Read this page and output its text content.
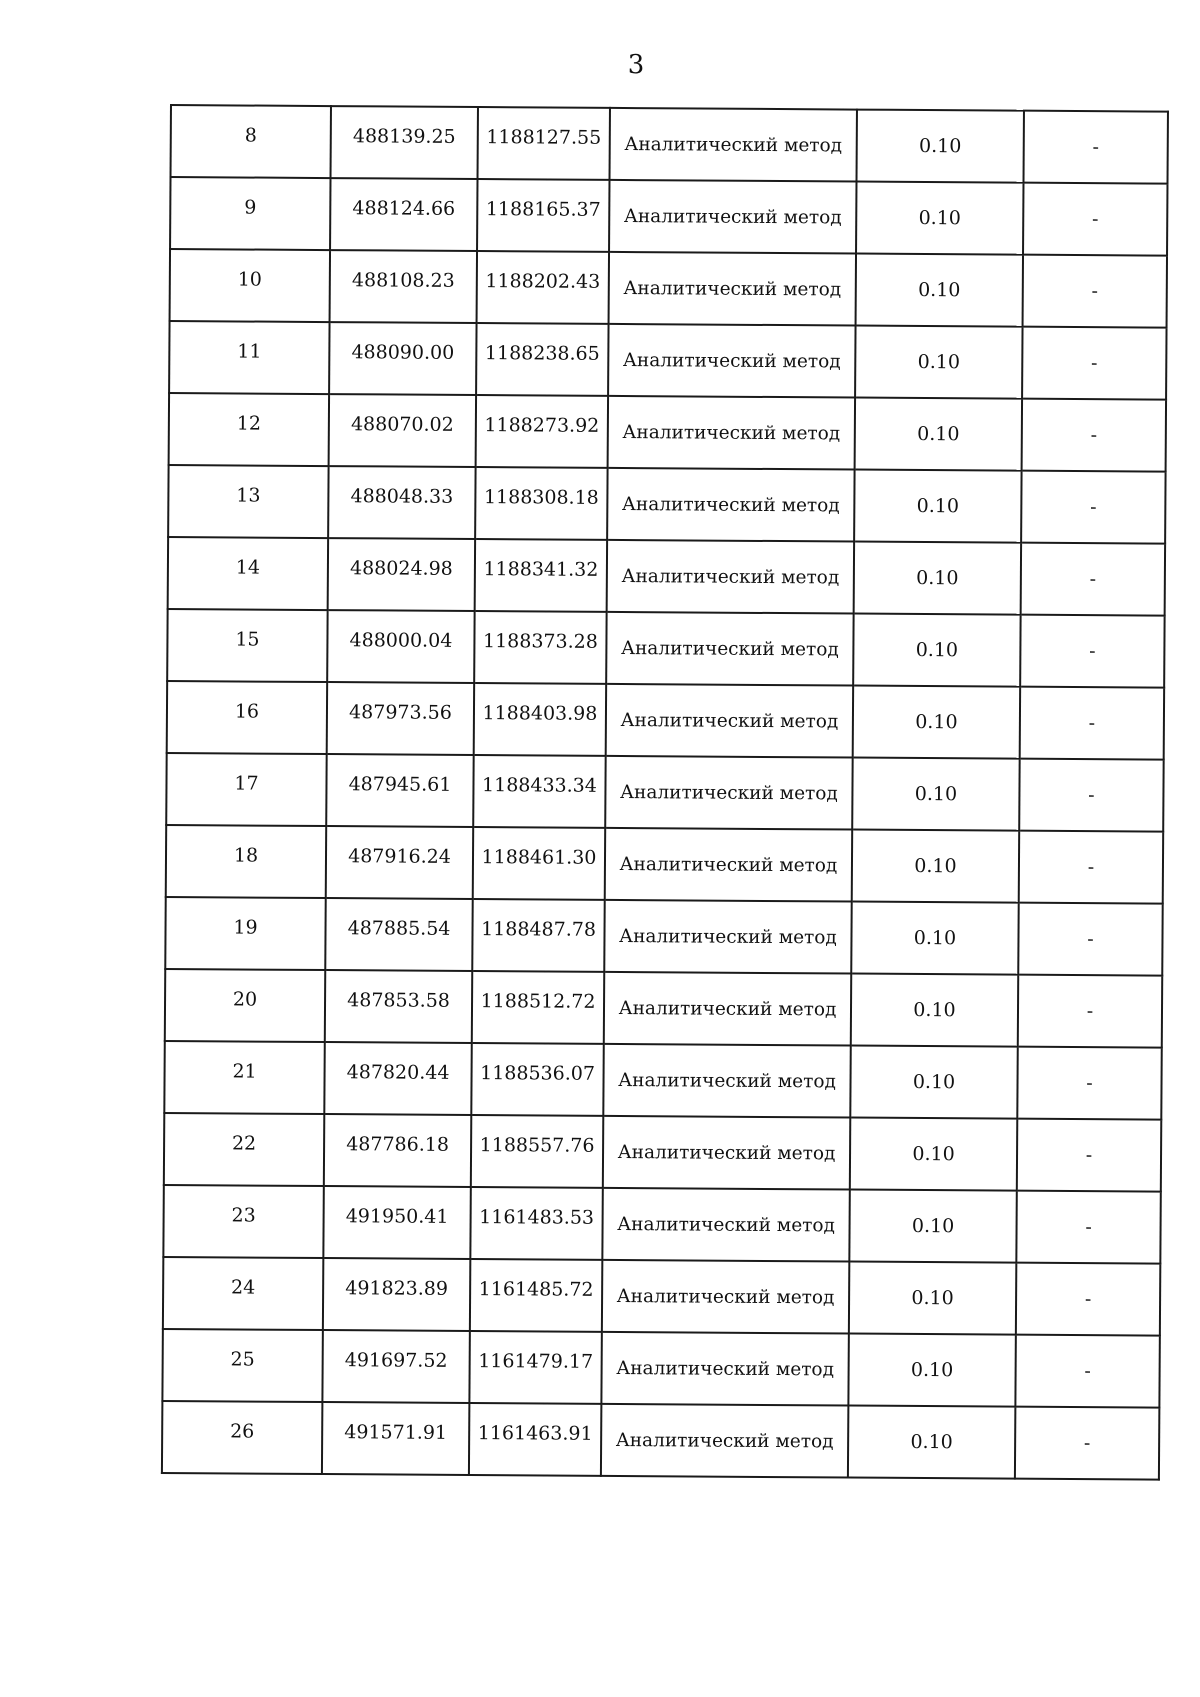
3
8	488139.25	1188127.55	Аналитический метод	0.10	-
9	488124.66	1188165.37	Аналитический метод	0.10	-
10	488108.23	1188202.43	Аналитический метод	0.10	-
11	488090.00	1188238.65	Аналитический метод	0.10	-
12	488070.02	1188273.92	Аналитический метод	0.10	-
13	488048.33	1188308.18	Аналитический метод	0.10	-
14	488024.98	1188341.32	Аналитический метод	0.10	-
15	488000.04	1188373.28	Аналитический метод	0.10	-
16	487973.56	1188403.98	Аналитический метод	0.10	-
17	487945.61	1188433.34	Аналитический метод	0.10	-
18	487916.24	1188461.30	Аналитический метод	0.10	-
19	487885.54	1188487.78	Аналитический метод	0.10	-
20	487853.58	1188512.72	Аналитический метод	0.10	-
21	487820.44	1188536.07	Аналитический метод	0.10	-
22	487786.18	1188557.76	Аналитический метод	0.10	-
23	491950.41	1161483.53	Аналитический метод	0.10	-
24	491823.89	1161485.72	Аналитический метод	0.10	-
25	491697.52	1161479.17	Аналитический метод	0.10	-
26	491571.91	1161463.91	Аналитический метод	0.10	-
